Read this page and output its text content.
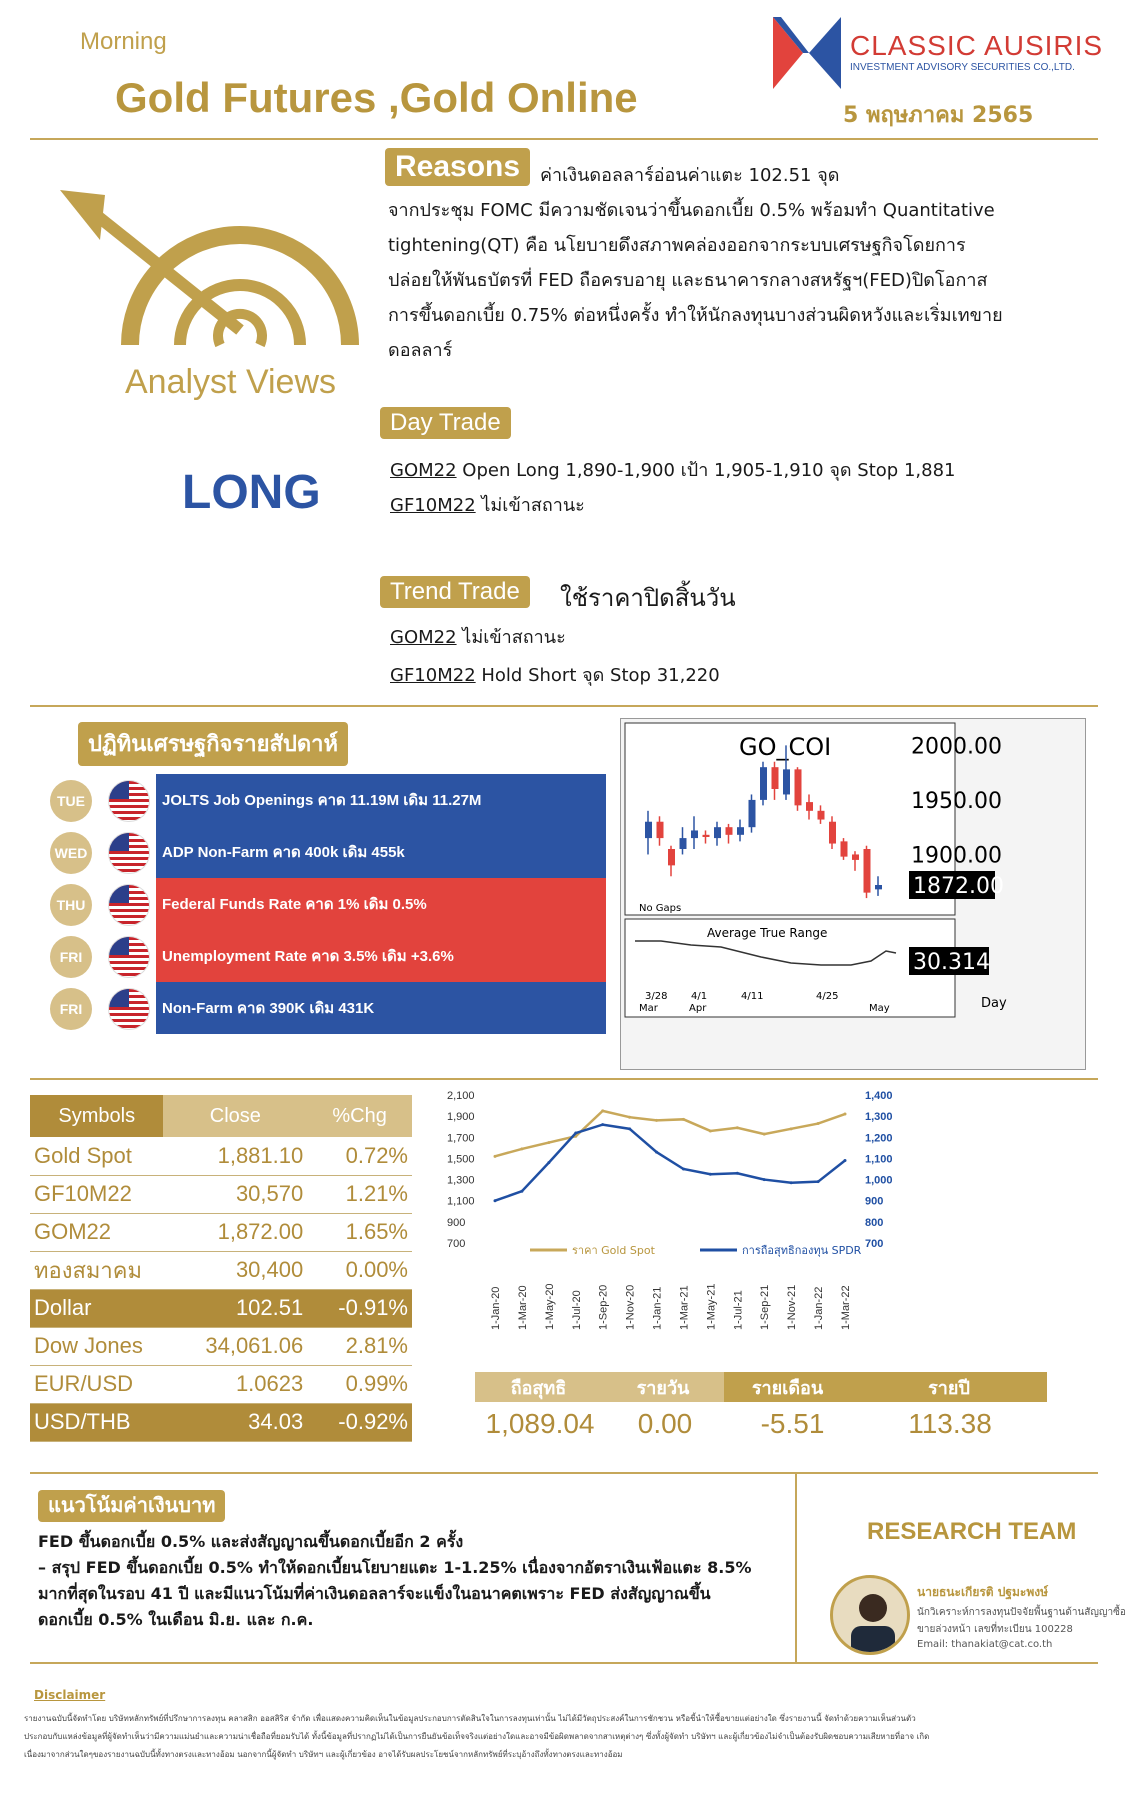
Morning
Gold Futures ,Gold Online
CLASSIC AUSIRIS
INVESTMENT ADVISORY SECURITIES CO.,LTD.
5 พฤษภาคม 2565
Analyst Views
LONG
Reasons	ค่าเงินดอลลาร์อ่อนค่าแตะ 102.51 จุด
จากประชุม FOMC มีความชัดเจนว่าขึ้นดอกเบี้ย 0.5% พร้อมทำ Quantitative
tightening(QT) คือ นโยบายดึงสภาพคล่องออกจากระบบเศรษฐกิจโดยการ
ปล่อยให้พันธบัตรที่ FED ถือครบอายุ และธนาคารกลางสหรัฐฯ(FED)ปิดโอกาส
การขึ้นดอกเบี้ย 0.75% ต่อหนึ่งครั้ง ทำให้นักลงทุนบางส่วนผิดหวังและเริ่มเทขาย
ดอลลาร์
Day Trade
GOM22 Open Long 1,890-1,900 เป้า 1,905-1,910 จุด Stop 1,881
GF10M22 ไม่เข้าสถานะ
Trend Trade	ใช้ราคาปิดสิ้นวัน
GOM22 ไม่เข้าสถานะ
GF10M22 Hold Short จุด Stop 31,220
ปฏิทินเศรษฐกิจรายสัปดาห์
TUE	JOLTS Job Openings คาด 11.19M เดิม 11.27M
WED	ADP Non-Farm คาด 400k เดิม 455k
THU	Federal Funds Rate คาด 1% เดิม 0.5%
FRI	Unemployment Rate คาด 3.5% เดิม +3.6%
FRI	Non-Farm คาด 390K เดิม 431K
GO_COI
No Gaps
2000.00
1950.00
1900.00
1872.00
Average True Range
30.314
3/28 4/1	4/11	4/25
Mar	Apr	May	Day
Symbols	Close	%Chg
Gold Spot	1,881.10	0.72%
GF10M22	30,570	1.21%
GOM22	1,872.00	1.65%
ทองสมาคม	30,400	0.00%
Dollar	102.51	-0.91%
Dow Jones	34,061.06	2.81%
EUR/USD	1.0623	0.99%
USD/THB	34.03	-0.92%
2,100
1,900
1,700
1,500
1,300
1,100
900
700
1,400
1,300
1,200
1,100
1,000
900
800
700
1-Jan-20 1-Mar-20 1-May-20 1-Jul-20 1-Sep-20 1-Nov-20 1-Jan-21 1-Mar-21 1-May-21 1-Jul-21 1-Sep-21 1-Nov-21 1-Jan-22 1-Mar-22
ราคา Gold Spot	การถือสุทธิกองทุน SPDR
ถือสุทธิ	รายวัน	รายเดือน	รายปี
1,089.04	0.00	-5.51	113.38
แนวโน้มค่าเงินบาท
FED ขึ้นดอกเบี้ย 0.5% และส่งสัญญาณขึ้นดอกเบี้ยอีก 2 ครั้ง
– สรุป FED ขึ้นดอกเบี้ย 0.5% ทำให้ดอกเบี้ยนโยบายแตะ 1-1.25% เนื่องจากอัตราเงินเฟ้อแตะ 8.5%
มากที่สุดในรอบ 41 ปี และมีแนวโน้มที่ค่าเงินดอลลาร์จะแข็งในอนาคตเพราะ FED ส่งสัญญาณขึ้น
ดอกเบี้ย 0.5% ในเดือน มิ.ย. และ ก.ค.
RESEARCH TEAM
นายธนะเกียรติ ปฐมะพงษ์
นักวิเคราะห์การลงทุนปัจจัยพื้นฐานด้านสัญญาซื้อ
ขายล่วงหน้า เลขที่ทะเบียน 100228
Email: thanakiat@cat.co.th
Disclaimer
รายงานฉบับนี้จัดทำโดย บริษัทหลักทรัพย์ที่ปรึกษาการลงทุน คลาสสิก ออสสิริส จำกัด เพื่อแสดงความคิดเห็นในข้อมูลประกอบการตัดสินใจในการลงทุนเท่านั้น ไม่ได้มีวัตถุประสงค์ในการชักชวน หรือชี้นำให้ซื้อขายแต่อย่างใด ซึ่งรายงานนี้ จัดทำด้วยความเห็นส่วนตัว
ประกอบกับแหล่งข้อมูลที่ผู้จัดทำเห็นว่ามีความแม่นยำและความน่าเชื่อถือที่ยอมรับได้ ทั้งนี้ข้อมูลที่ปรากฏไม่ได้เป็นการยืนยันข้อเท็จจริงแต่อย่างใดและอาจมีข้อผิดพลาดจากสาเหตุต่างๆ ซึ่งทั้งผู้จัดทำ บริษัทฯ และผู้เกี่ยวข้องไม่จำเป็นต้องรับผิดชอบความเสียหายที่อาจ เกิด
เนื่องมาจากส่วนใดๆของรายงานฉบับนี้ทั้งทางตรงและทางอ้อม นอกจากนี้ผู้จัดทำ บริษัทฯ และผู้เกี่ยวข้อง อาจได้รับผลประโยชน์จากหลักทรัพย์ที่ระบุอ้างถึงทั้งทางตรงและทางอ้อม
